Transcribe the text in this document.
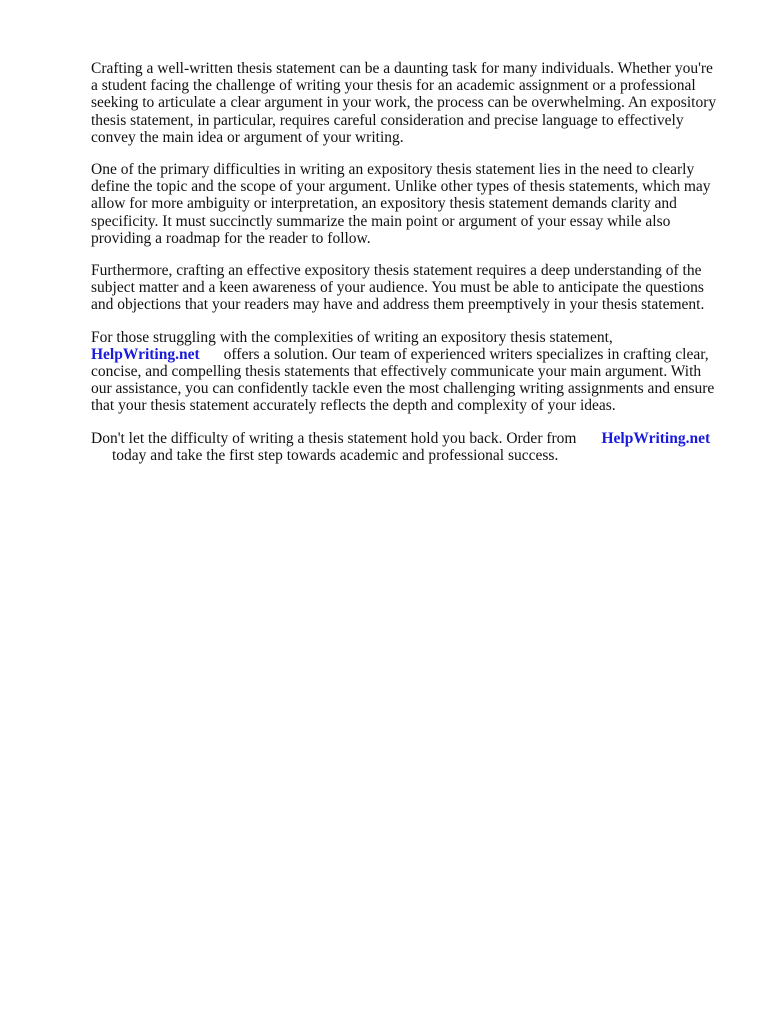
Crafting a well-written thesis statement can be a daunting task for many individuals. Whether you're
a student facing the challenge of writing your thesis for an academic assignment or a professional
seeking to articulate a clear argument in your work, the process can be overwhelming. An expository
thesis statement, in particular, requires careful consideration and precise language to effectively
convey the main idea or argument of your writing.

One of the primary difficulties in writing an expository thesis statement lies in the need to clearly
define the topic and the scope of your argument. Unlike other types of thesis statements, which may
allow for more ambiguity or interpretation, an expository thesis statement demands clarity and
specificity. It must succinctly summarize the main point or argument of your essay while also
providing a roadmap for the reader to follow.

Furthermore, crafting an effective expository thesis statement requires a deep understanding of the
subject matter and a keen awareness of your audience. You must be able to anticipate the questions
and objections that your readers may have and address them preemptively in your thesis statement.

For those struggling with the complexities of writing an expository thesis statement,
HelpWriting.net offers a solution. Our team of experienced writers specializes in crafting clear,
concise, and compelling thesis statements that effectively communicate your main argument. With
our assistance, you can confidently tackle even the most challenging writing assignments and ensure
that your thesis statement accurately reflects the depth and complexity of your ideas.

Don't let the difficulty of writing a thesis statement hold you back. Order from HelpWriting.net
today and take the first step towards academic and professional success.
